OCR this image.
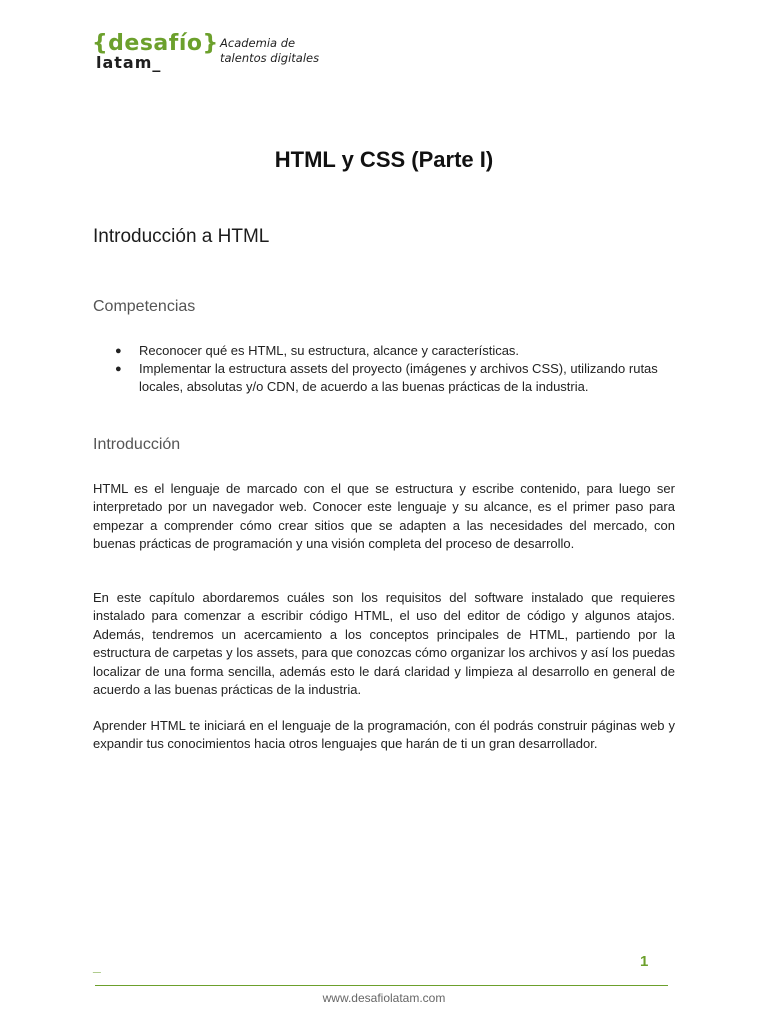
{desafío}
latam_
Academia de
talentos digitales
HTML y CSS (Parte I)
Introducción a HTML
Competencias
● Reconocer qué es HTML, su estructura, alcance y características.
● Implementar la estructura assets del proyecto (imágenes y archivos CSS), utilizando rutas locales, absolutas y/o CDN, de acuerdo a las buenas prácticas de la industria.
Introducción

HTML es el lenguaje de marcado con el que se estructura y escribe contenido, para luego ser interpretado por un navegador web. Conocer este lenguaje y su alcance, es el primer paso para empezar a comprender cómo crear sitios que se adapten a las necesidades del mercado, con buenas prácticas de programación y una visión completa del proceso de desarrollo.

En este capítulo abordaremos cuáles son los requisitos del software instalado que requieres instalado para comenzar a escribir código HTML, el uso del editor de código y algunos atajos. Además, tendremos un acercamiento a los conceptos principales de HTML, partiendo por la estructura de carpetas y los assets, para que conozcas cómo organizar los archivos y así los puedas localizar de una forma sencilla, además esto le dará claridad y limpieza al desarrollo en general de acuerdo a las buenas prácticas de la industria.

Aprender HTML te iniciará en el lenguaje de la programación, con él podrás construir páginas web y expandir tus conocimientos hacia otros lenguajes que harán de ti un gran desarrollador.

_	1
www.desafiolatam.com
